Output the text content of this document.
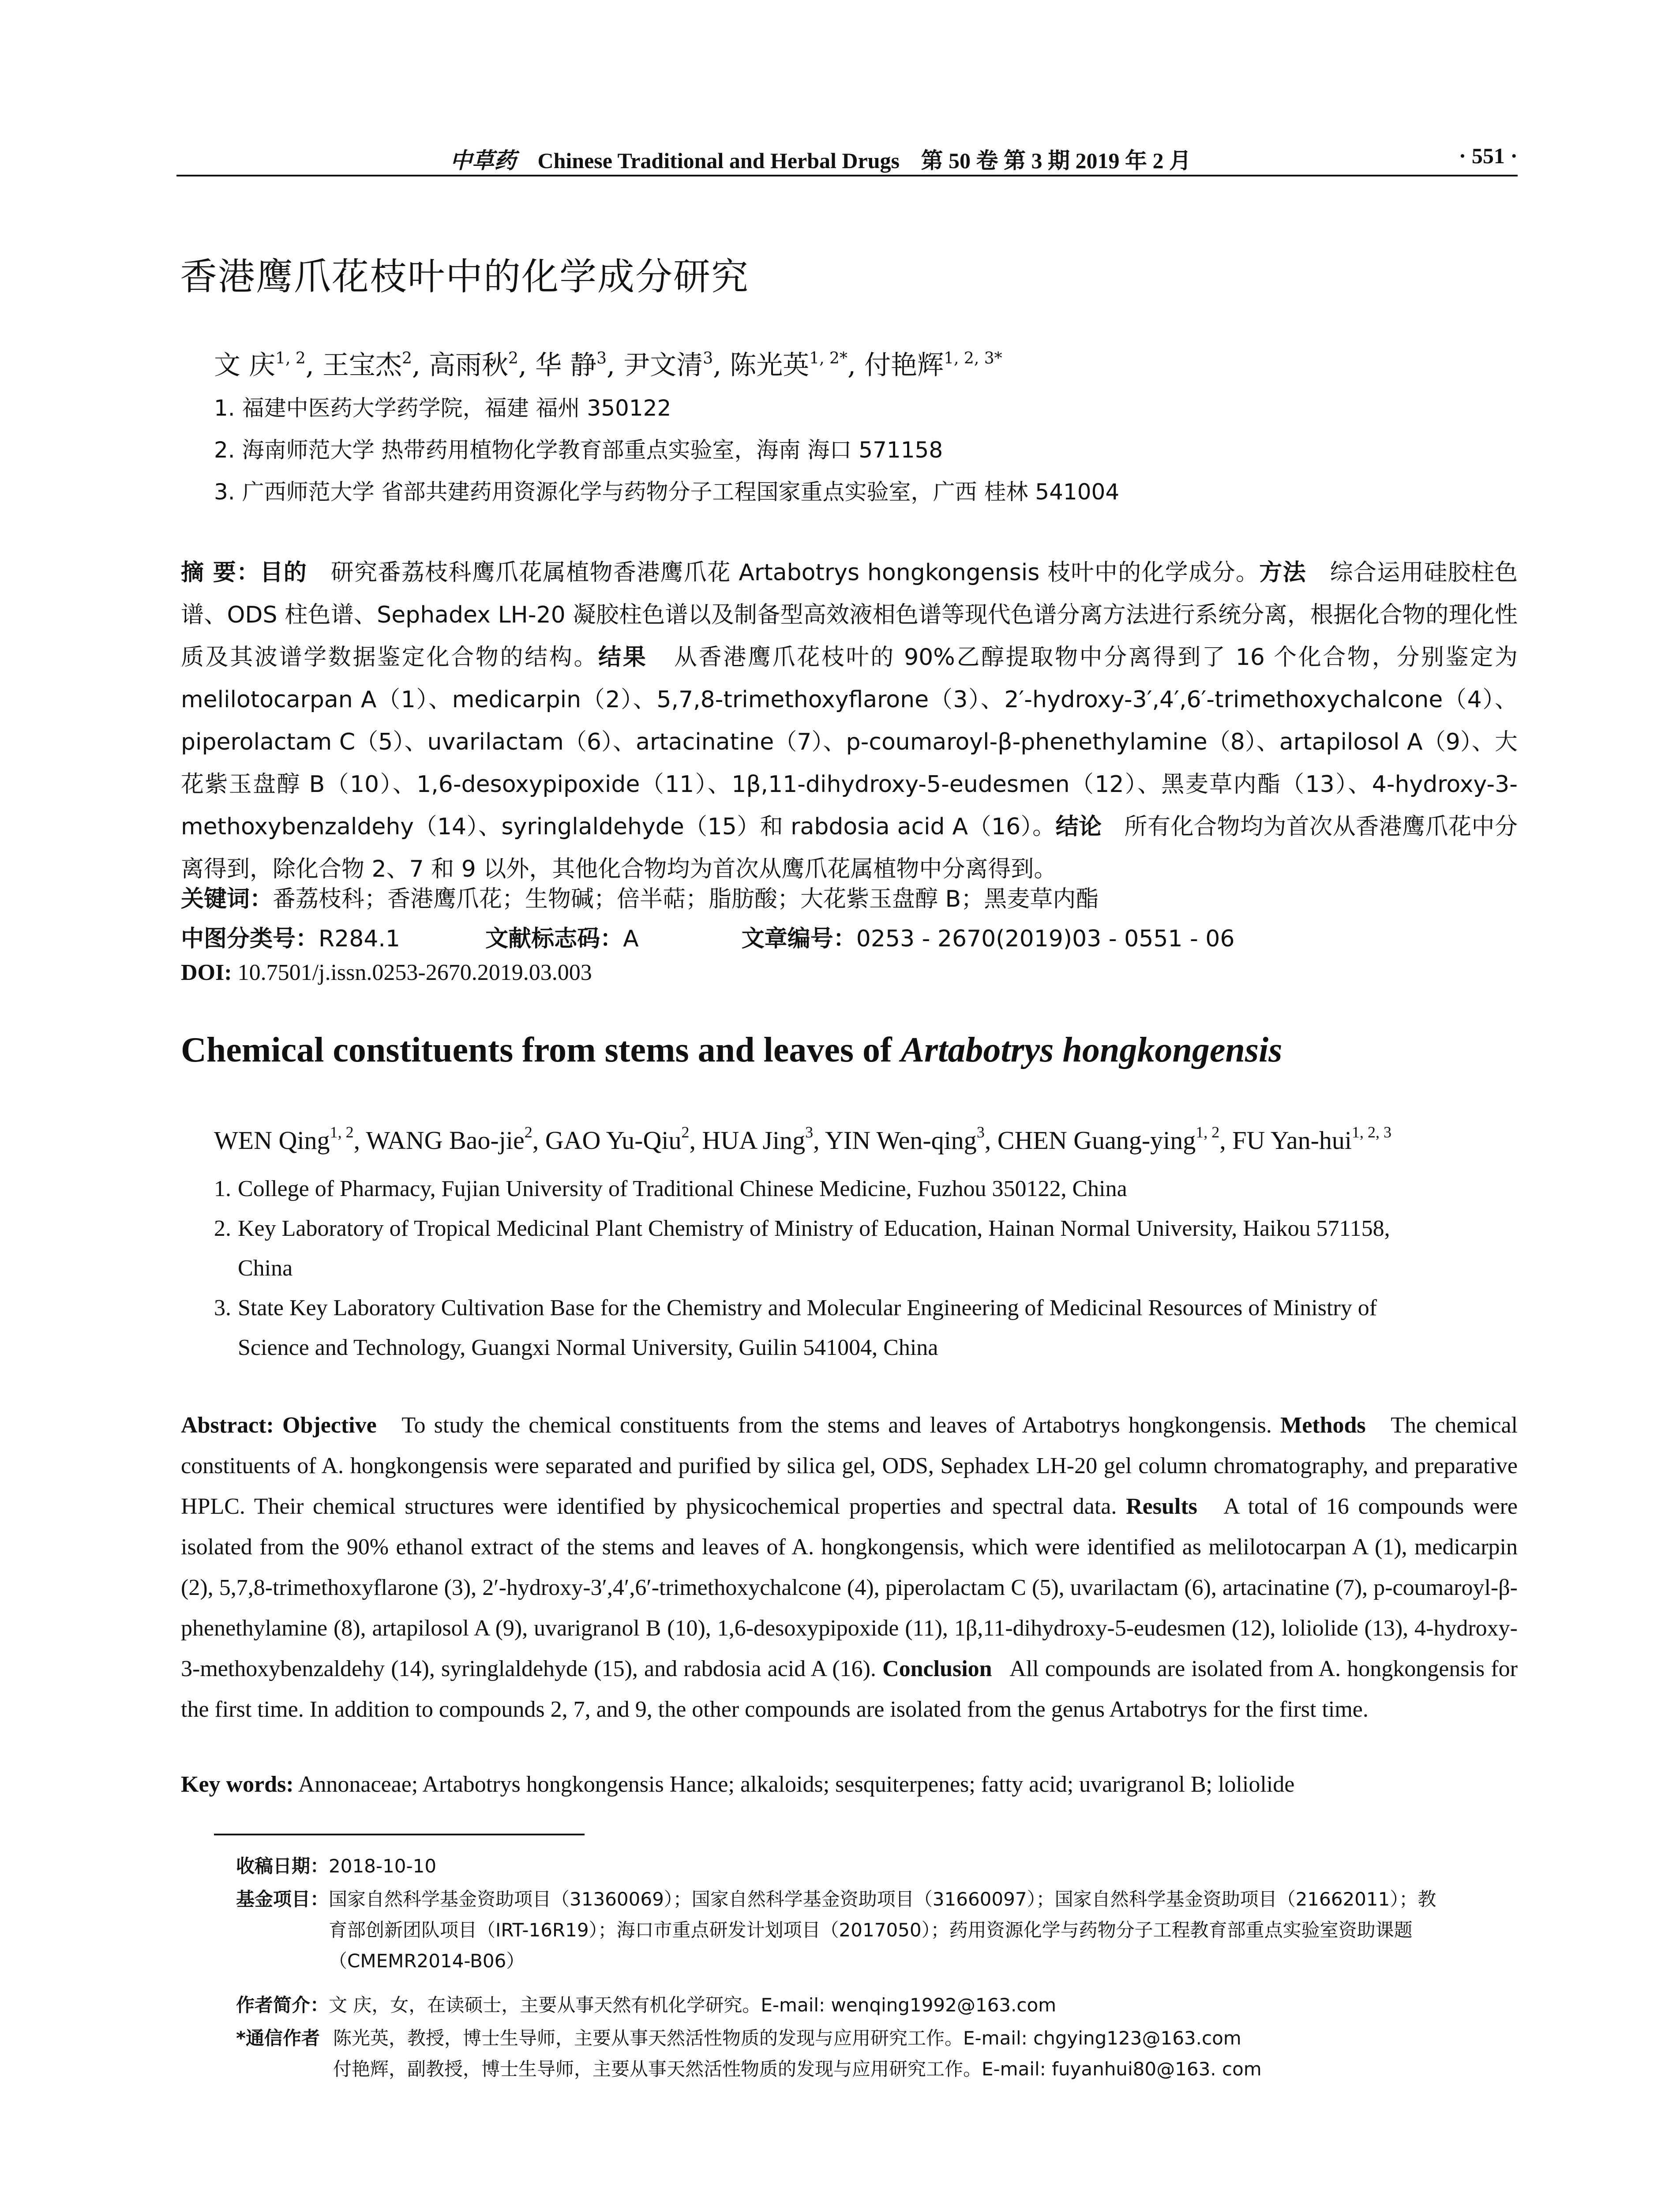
中草药 Chinese Traditional and Herbal Drugs 第 50 卷 第 3 期 2019 年 2 月	· 551 ·
香港鹰爪花枝叶中的化学成分研究
文 庆$^{1, 2}$, 王宝杰$^2$, 高雨秋$^2$, 华 静$^3$, 尹文清$^3$, 陈光英$^{1, 2*}$, 付艳辉$^{1, 2, 3*}$
1. 福建中医药大学药学院，福建 福州 350122
2. 海南师范大学 热带药用植物化学教育部重点实验室，海南 海口 571158
3. 广西师范大学 省部共建药用资源化学与药物分子工程国家重点实验室，广西 桂林 541004
摘 要：目的 研究番荔枝科鹰爪花属植物香港鹰爪花 Artabotrys hongkongensis 枝叶中的化学成分。方法 综合运用硅胶柱色谱、ODS 柱色谱、Sephadex LH-20 凝胶柱色谱以及制备型高效液相色谱等现代色谱分离方法进行系统分离，根据化合物的理化性质及其波谱学数据鉴定化合物的结构。结果 从香港鹰爪花枝叶的 90%乙醇提取物中分离得到了 16 个化合物，分别鉴定为 melilotocarpan A（1）、medicarpin（2）、5,7,8-trimethoxyflarone（3）、2′-hydroxy-3′,4′,6′-trimethoxychalcone（4）、piperolactam C（5）、uvarilactam（6）、artacinatine（7）、p-coumaroyl-β-phenethylamine（8）、artapilosol A（9）、大花紫玉盘醇 B（10）、1,6-desoxypipoxide（11）、1β,11-dihydroxy-5-eudesmen（12）、黑麦草内酯（13）、4-hydroxy-3-methoxybenzaldehy（14）、syringlaldehyde（15）和 rabdosia acid A（16）。结论 所有化合物均为首次从香港鹰爪花中分离得到，除化合物 2、7 和 9 以外，其他化合物均为首次从鹰爪花属植物中分离得到。
关键词：番荔枝科；香港鹰爪花；生物碱；倍半萜；脂肪酸；大花紫玉盘醇 B；黑麦草内酯
中图分类号：R284.1	文献标志码：A	文章编号：0253 - 2670(2019)03 - 0551 - 06
DOI: 10.7501/j.issn.0253-2670.2019.03.003
Chemical constituents from stems and leaves of Artabotrys hongkongensis
WEN Qing$^{1, 2}$, WANG Bao-jie$^2$, GAO Yu-Qiu$^2$, HUA Jing$^3$, YIN Wen-qing$^3$, CHEN Guang-ying$^{1, 2}$, FU Yan-hui$^{1, 2, 3}$
1. College of Pharmacy, Fujian University of Traditional Chinese Medicine, Fuzhou 350122, China
2. Key Laboratory of Tropical Medicinal Plant Chemistry of Ministry of Education, Hainan Normal University, Haikou 571158,
China
3. State Key Laboratory Cultivation Base for the Chemistry and Molecular Engineering of Medicinal Resources of Ministry of
Science and Technology, Guangxi Normal University, Guilin 541004, China
Abstract: Objective To study the chemical constituents from the stems and leaves of Artabotrys hongkongensis. Methods The chemical constituents of A. hongkongensis were separated and purified by silica gel, ODS, Sephadex LH-20 gel column chromatography, and preparative HPLC. Their chemical structures were identified by physicochemical properties and spectral data. Results A total of 16 compounds were isolated from the 90% ethanol extract of the stems and leaves of A. hongkongensis, which were identified as melilotocarpan A (1), medicarpin (2), 5,7,8-trimethoxyflarone (3), 2′-hydroxy-3′,4′,6′-trimethoxychalcone (4), piperolactam C (5), uvarilactam (6), artacinatine (7), p-coumaroyl-β-phenethylamine (8), artapilosol A (9), uvarigranol B (10), 1,6-desoxypipoxide (11), 1β,11-dihydroxy-5-eudesmen (12), loliolide (13), 4-hydroxy-3-methoxybenzaldehy (14), syringlaldehyde (15), and rabdosia acid A (16). Conclusion All compounds are isolated from A. hongkongensis for the first time. In addition to compounds 2, 7, and 9, the other compounds are isolated from the genus Artabotrys for the first time.
Key words: Annonaceae; Artabotrys hongkongensis Hance; alkaloids; sesquiterpenes; fatty acid; uvarigranol B; loliolide
收稿日期：2018-10-10
基金项目： 国家自然科学基金资助项目（31360069）；国家自然科学基金资助项目（31660097）；国家自然科学基金资助项目（21662011）；教
育部创新团队项目（IRT-16R19）；海口市重点研发计划项目（2017050）；药用资源化学与药物分子工程教育部重点实验室资助课题
（CMEMR2014-B06）
作者简介：文 庆，女，在读硕士，主要从事天然有机化学研究。E-mail: wenqing1992@163.com
*通信作者 陈光英，教授，博士生导师，主要从事天然活性物质的发现与应用研究工作。E-mail: chgying123@163.com
付艳辉，副教授，博士生导师，主要从事天然活性物质的发现与应用研究工作。E-mail: fuyanhui80@163. com
